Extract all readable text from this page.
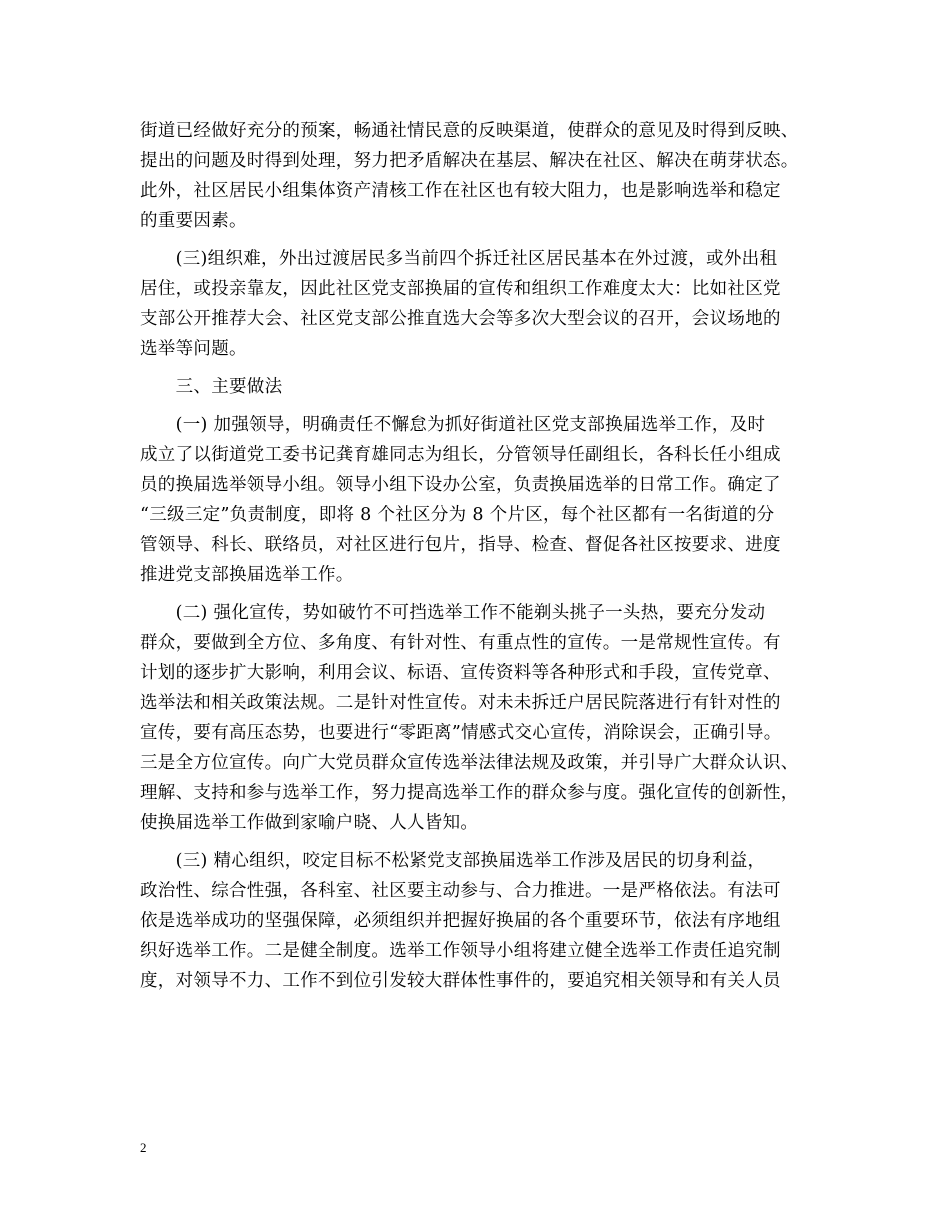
街道已经做好充分的预案，畅通社情民意的反映渠道，使群众的意见及时得到反映、
提出的问题及时得到处理，努力把矛盾解决在基层、解决在社区、解决在萌芽状态。
此外，社区居民小组集体资产清核工作在社区也有较大阻力，也是影响选举和稳定
的重要因素。
　　(三)组织难，外出过渡居民多当前四个拆迁社区居民基本在外过渡，或外出租
居住，或投亲靠友，因此社区党支部换届的宣传和组织工作难度太大：比如社区党
支部公开推荐大会、社区党支部公推直选大会等多次大型会议的召开，会议场地的
选举等问题。
　　三、主要做法
　　(一) 加强领导，明确责任不懈怠为抓好街道社区党支部换届选举工作，及时
成立了以街道党工委书记龚育雄同志为组长，分管领导任副组长，各科长任小组成
员的换届选举领导小组。领导小组下设办公室，负责换届选举的日常工作。确定了
“三级三定”负责制度，即将 8 个社区分为 8 个片区，每个社区都有一名街道的分
管领导、科长、联络员，对社区进行包片，指导、检查、督促各社区按要求、进度
推进党支部换届选举工作。
　　(二) 强化宣传，势如破竹不可挡选举工作不能剃头挑子一头热，要充分发动
群众，要做到全方位、多角度、有针对性、有重点性的宣传。一是常规性宣传。有
计划的逐步扩大影响，利用会议、标语、宣传资料等各种形式和手段，宣传党章、
选举法和相关政策法规。二是针对性宣传。对未未拆迁户居民院落进行有针对性的
宣传，要有高压态势，也要进行“零距离”情感式交心宣传，消除误会，正确引导。
三是全方位宣传。向广大党员群众宣传选举法律法规及政策，并引导广大群众认识、
理解、支持和参与选举工作，努力提高选举工作的群众参与度。强化宣传的创新性，
使换届选举工作做到家喻户晓、人人皆知。
　　(三) 精心组织，咬定目标不松紧党支部换届选举工作涉及居民的切身利益，
政治性、综合性强，各科室、社区要主动参与、合力推进。一是严格依法。有法可
依是选举成功的坚强保障，必须组织并把握好换届的各个重要环节，依法有序地组
织好选举工作。二是健全制度。选举工作领导小组将建立健全选举工作责任追究制
度，对领导不力、工作不到位引发较大群体性事件的，要追究相关领导和有关人员
2
